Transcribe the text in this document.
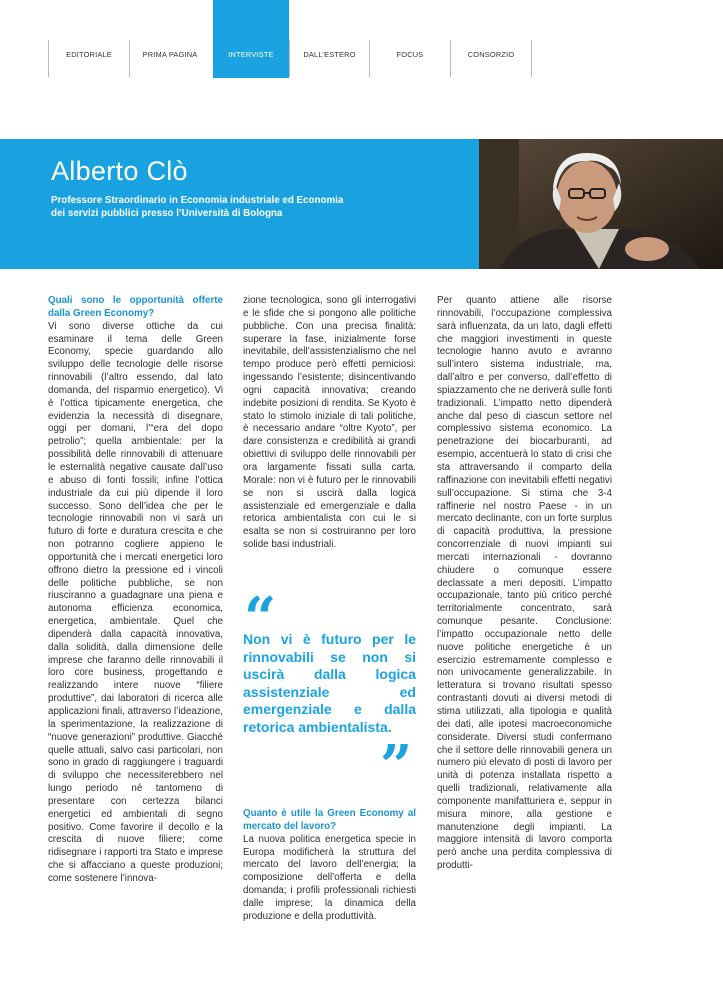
EDITORIALE	PRIMA PAGINA	INTERVISTE	DALL’ESTERO	FOCUS	CONSORZIO
Alberto Clò

Professore Straordinario in Economia industriale ed Economia
dei servizi pubblici presso l’Università di Bologna

Quali sono le opportunità offerte dalla Green Economy?

Vi sono diverse ottiche da cui esaminare il tema delle Green Economy, specie guardando allo sviluppo delle tecnologie delle risorse rinnovabili (l’altro essendo, dal lato domanda, del risparmio energetico). Vi è l’ottica tipicamente energetica, che evidenzia la necessità di disegnare, oggi per domani, l’“era del dopo petrolio”; quella ambientale: per la possibilità delle rinnovabili di attenuare le esternalità negative causate dall’uso e abuso di fonti fossili; infine l’ottica industriale da cui più dipende il loro successo. Sono dell’idea che per le tecnologie rinnovabili non vi sarà un futuro di forte e duratura crescita e che non potranno cogliere appieno le opportunità che i mercati energetici loro offrono dietro la pressione ed i vincoli delle politiche pubbliche, se non riusciranno a guadagnare una piena e autonoma efficienza economica, energetica, ambientale. Quel che dipenderà dalla capacità innovativa, dalla solidità, dalla dimensione delle imprese che faranno delle rinnovabili il loro core business, progettando e realizzando intere nuove “filiere produttive”, dai laboratori di ricerca alle applicazioni finali, attraverso l’ideazione, la sperimentazione, la realizzazione di “nuove generazioni” produttive. Giacché quelle attuali, salvo casi particolari, non sono in grado di raggiungere i traguardi di sviluppo che necessiterebbero nel lungo periodo né tantomeno di presentare con certezza bilanci energetici ed ambientali di segno positivo. Come favorire il decollo e la crescita di nuove filiere; come ridisegnare i rapporti tra Stato e imprese che si affacciano a queste produzioni; come sostenere l’innova-

zione tecnologica, sono gli interrogativi e le sfide che si pongono alle politiche pubbliche. Con una precisa finalità: superare la fase, inizialmente forse inevitabile, dell’assistenzialismo che nel tempo produce però effetti perniciosi: ingessando l’esistente; disincentivando ogni capacità innovativa; creando indebite posizioni di rendita. Se Kyoto è stato lo stimolo iniziale di tali politiche, è necessario andare “oltre Kyoto”, per dare consistenza e credibilità ai grandi obiettivi di sviluppo delle rinnovabili per ora largamente fissati sulla carta. Morale: non vi è futuro per le rinnovabili se non si uscirà dalla logica assistenziale ed emergenziale e dalla retorica ambientalista con cui le si esalta se non si costruiranno per loro solide basi industriali.

“
Non vi è futuro per le rinnovabili se non si uscirà dalla logica assistenziale ed emergenziale e dalla retorica ambientalista.
”

Quanto è utile la Green Economy al mercato del lavoro?

La nuova politica energetica specie in Europa modificherà la struttura del mercato del lavoro dell’energia; la composizione dell’offerta e della domanda; i profili professionali richiesti dalle imprese; la dinamica della produzione e della produttività.

Per quanto attiene alle risorse rinnovabili, l’occupazione complessiva sarà influenzata, da un lato, dagli effetti che maggiori investimenti in queste tecnologie hanno avuto e avranno sull’intero sistema industriale, ma, dall’altro e per converso, dall’effetto di spiazzamento che ne deriverà sulle fonti tradizionali. L’impatto netto dipenderà anche dal peso di ciascun settore nel complessivo sistema economico. La penetrazione dei biocarburanti, ad esempio, accentuerà lo stato di crisi che sta attraversando il comparto della raffinazione con inevitabili effetti negativi sull’occupazione. Si stima che 3-4 raffinerie nel nostro Paese - in un mercato declinante, con un forte surplus di capacità produttiva, la pressione concorrenziale di nuovi impianti sui mercati internazionali - dovranno chiudere o comunque essere declassate a meri depositi. L’impatto occupazionale, tanto più critico perché territorialmente concentrato, sarà comunque pesante. Conclusione: l’impatto occupazionale netto delle nuove politiche energetiche è un esercizio estremamente complesso e non univocamente generalizzabile. In letteratura si trovano risultati spesso contrastanti dovuti ai diversi metodi di stima utilizzati, alla tipologia e qualità dei dati, alle ipotesi macroeconomiche considerate. Diversi studi confermano che il settore delle rinnovabili genera un numero più elevato di posti di lavoro per unità di potenza installata rispetto a quelli tradizionali, relativamente alla componente manifatturiera e, seppur in misura minore, alla gestione e manutenzione degli impianti. La maggiore intensità di lavoro comporta però anche una perdita complessiva di produtti-
